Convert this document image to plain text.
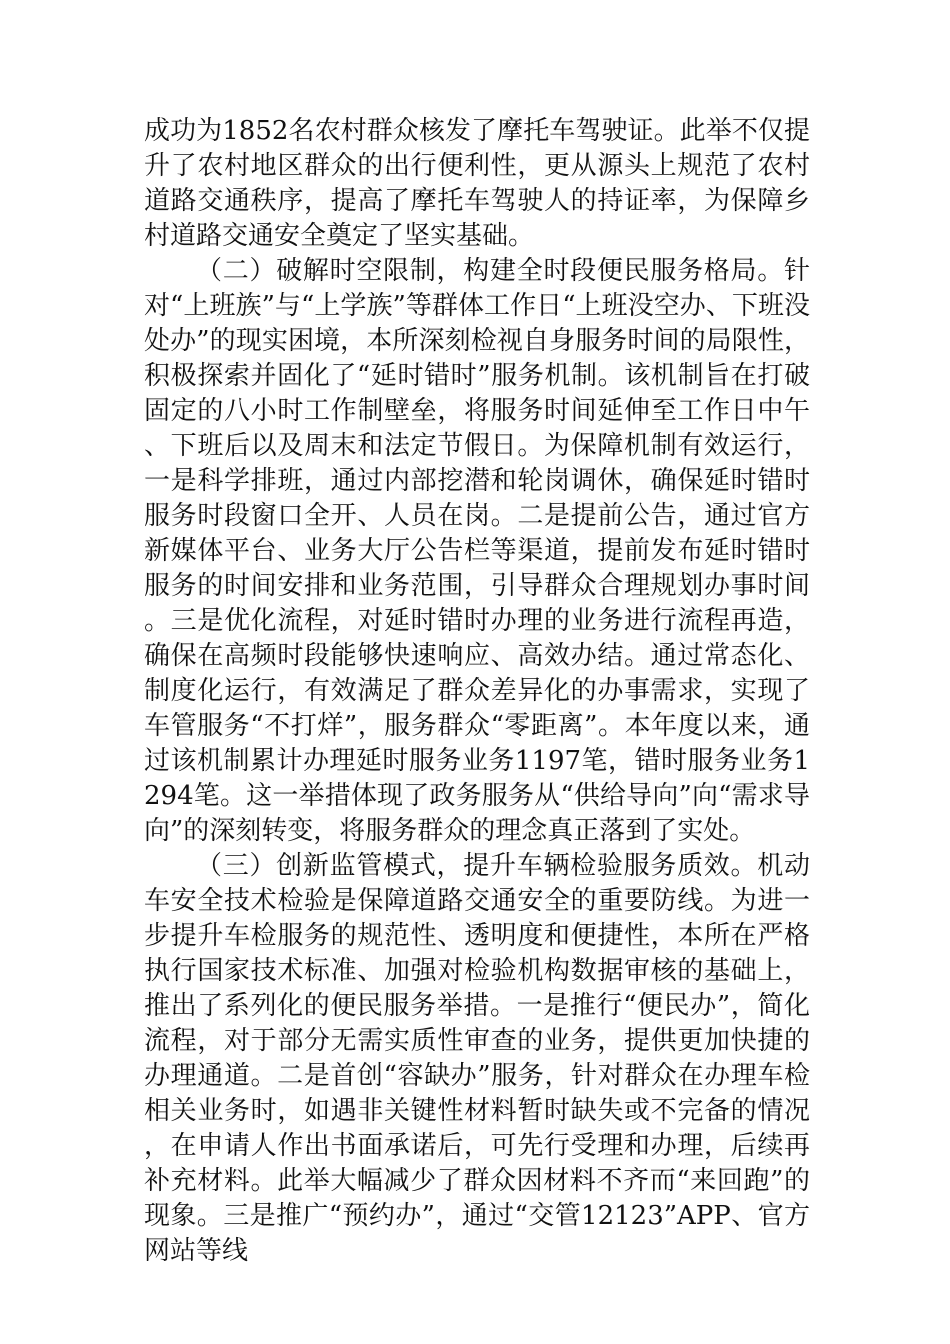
成功为1852名农村群众核发了摩托车驾驶证。此举不仅提升了农村地区群众的出行便利性，更从源头上规范了农村道路交通秩序，提高了摩托车驾驶人的持证率，为保障乡村道路交通安全奠定了坚实基础。

（二）破解时空限制，构建全时段便民服务格局。针对“上班族”与“上学族”等群体工作日“上班没空办、下班没处办”的现实困境，本所深刻检视自身服务时间的局限性，积极探索并固化了“延时错时”服务机制。该机制旨在打破固定的八小时工作制壁垒，将服务时间延伸至工作日中午、下班后以及周末和法定节假日。为保障机制有效运行，一是科学排班，通过内部挖潜和轮岗调休，确保延时错时服务时段窗口全开、人员在岗。二是提前公告，通过官方新媒体平台、业务大厅公告栏等渠道，提前发布延时错时服务的时间安排和业务范围，引导群众合理规划办事时间。三是优化流程，对延时错时办理的业务进行流程再造，确保在高频时段能够快速响应、高效办结。通过常态化、制度化运行，有效满足了群众差异化的办事需求，实现了车管服务“不打烊”，服务群众“零距离”。本年度以来，通过该机制累计办理延时服务业务1197笔，错时服务业务1294笔。这一举措体现了政务服务从“供给导向”向“需求导向”的深刻转变，将服务群众的理念真正落到了实处。

（三）创新监管模式，提升车辆检验服务质效。机动车安全技术检验是保障道路交通安全的重要防线。为进一步提升车检服务的规范性、透明度和便捷性，本所在严格执行国家技术标准、加强对检验机构数据审核的基础上，推出了系列化的便民服务举措。一是推行“便民办”，简化流程，对于部分无需实质性审查的业务，提供更加快捷的办理通道。二是首创“容缺办”服务，针对群众在办理车检相关业务时，如遇非关键性材料暂时缺失或不完备的情况，在申请人作出书面承诺后，可先行受理和办理，后续再补充材料。此举大幅减少了群众因材料不齐而“来回跑”的现象。三是推广“预约办”，通过“交管12123”APP、官方网站等线
